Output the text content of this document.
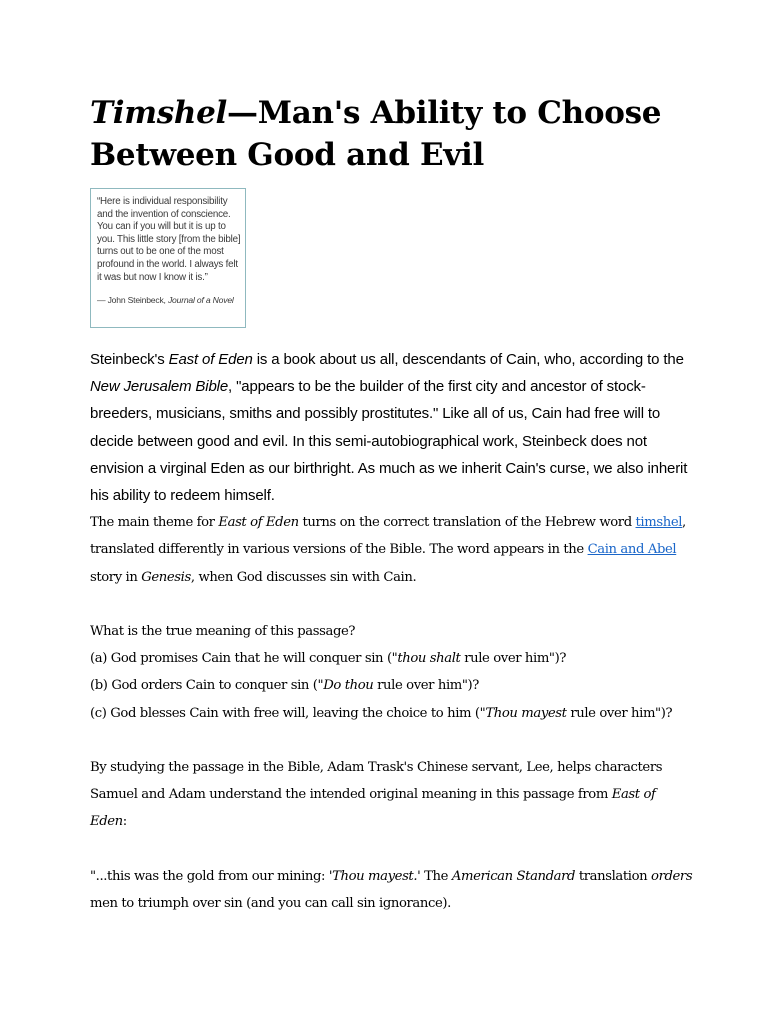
Timshel—Man's Ability to Choose Between Good and Evil
“Here is individual responsibility and the invention of conscience. You can if you will but it is up to you. This little story [from the bible] turns out to be one of the most profound in the world. I always felt it was but now I know it is.”
— John Steinbeck, Journal of a Novel

Steinbeck's East of Eden is a book about us all, descendants of Cain, who, according to the New Jerusalem Bible, "appears to be the builder of the first city and ancestor of stock-breeders, musicians, smiths and possibly prostitutes." Like all of us, Cain had free will to decide between good and evil. In this semi-autobiographical work, Steinbeck does not envision a virginal Eden as our birthright. As much as we inherit Cain's curse, we also inherit his ability to redeem himself.

The main theme for East of Eden turns on the correct translation of the Hebrew word timshel, translated differently in various versions of the Bible. The word appears in the Cain and Abel story in Genesis, when God discusses sin with Cain.

What is the true meaning of this passage?

(a) God promises Cain that he will conquer sin ("thou shalt rule over him")?

(b) God orders Cain to conquer sin ("Do thou rule over him")?

(c) God blesses Cain with free will, leaving the choice to him ("Thou mayest rule over him")?

By studying the passage in the Bible, Adam Trask's Chinese servant, Lee, helps characters Samuel and Adam understand the intended original meaning in this passage from East of Eden:

"...this was the gold from our mining: 'Thou mayest.' The American Standard translation orders men to triumph over sin (and you can call sin ignorance).
